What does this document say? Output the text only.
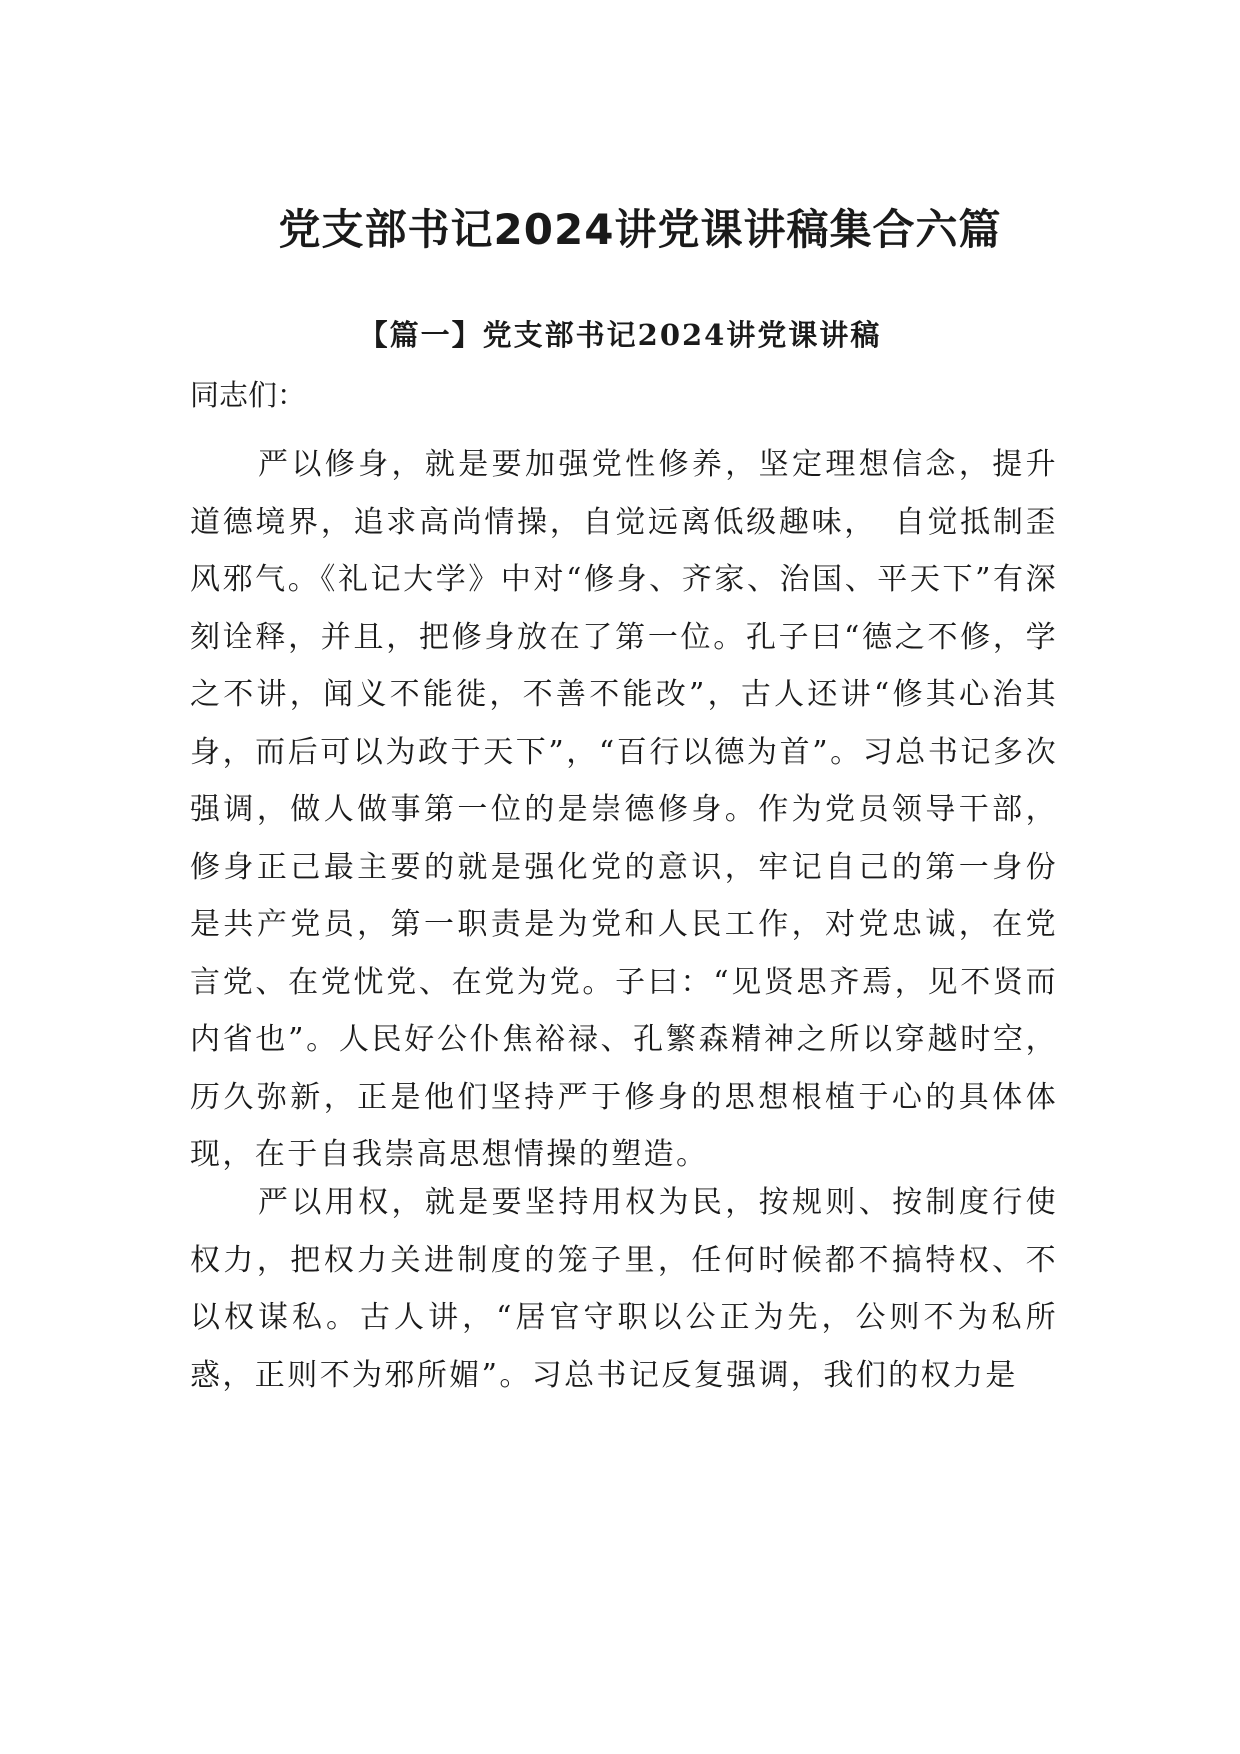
党支部书记2024讲党课讲稿集合六篇
【篇一】党支部书记2024讲党课讲稿

同志们：

严以修身，就是要加强党性修养，坚定理想信念，提升道德境界，追求高尚情操，自觉远离低级趣味，　自觉抵制歪风邪气。《礼记大学》中对“修身、齐家、治国、平天下”有深刻诠释，并且，把修身放在了第一位。孔子曰“德之不修，学之不讲，闻义不能徙，不善不能改”，古人还讲“修其心治其身，而后可以为政于天下”，“百行以德为首”。习总书记多次强调，做人做事第一位的是崇德修身。作为党员领导干部，修身正己最主要的就是强化党的意识，牢记自己的第一身份是共产党员，第一职责是为党和人民工作，对党忠诚，在党言党、在党忧党、在党为党。子曰：“见贤思齐焉，见不贤而内省也”。人民好公仆焦裕禄、孔繁森精神之所以穿越时空，历久弥新，正是他们坚持严于修身的思想根植于心的具体体现，在于自我崇高思想情操的塑造。

严以用权，就是要坚持用权为民，按规则、按制度行使权力，把权力关进制度的笼子里，任何时候都不搞特权、不以权谋私。古人讲，“居官守职以公正为先，公则不为私所惑，正则不为邪所媚”。习总书记反复强调，我们的权力是
